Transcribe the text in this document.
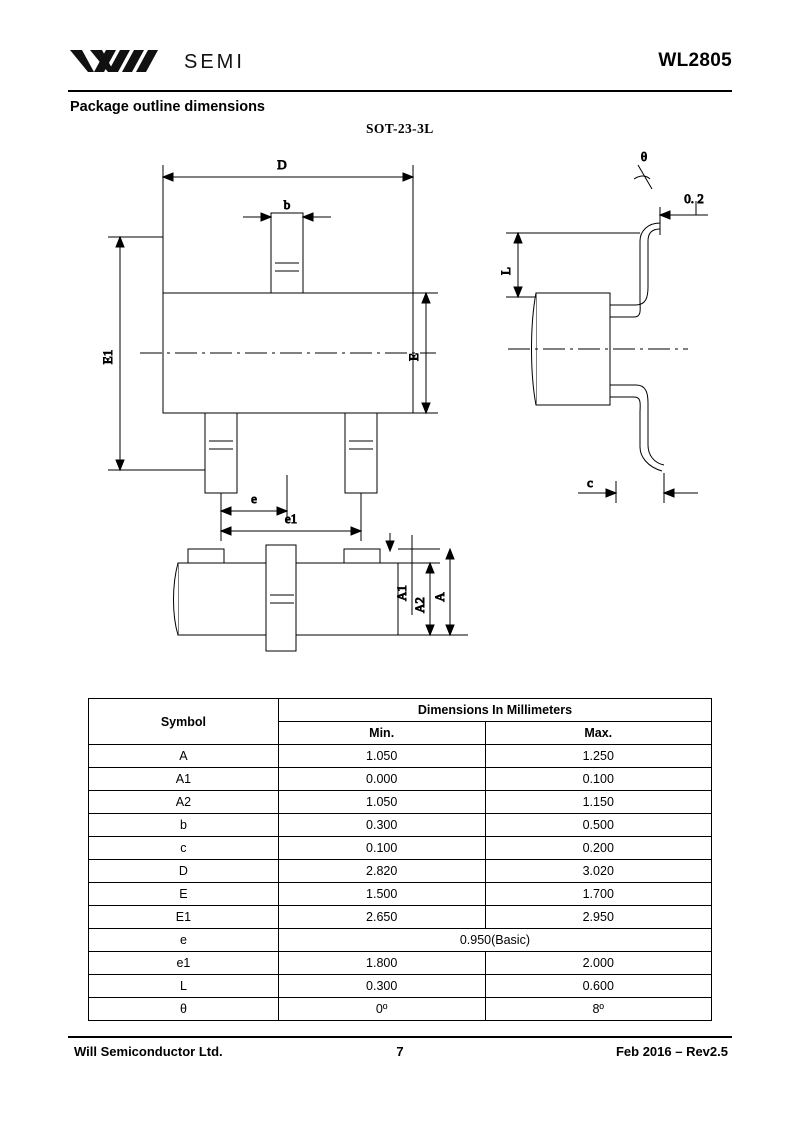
SEMI	WL2805
Package outline dimensions
SOT-23-3L
D
b
E1	E
e
e1
θ
0. 2
L
c
A1
A2
A
Symbol	Dimensions In Millimeters	
	Min.	Max.
A	1.050	1.250
A1	0.000	0.100
A2	1.050	1.150
b	0.300	0.500
c	0.100	0.200
D	2.820	3.020
E	1.500	1.700
E1	2.650	2.950
e	0.950(Basic)	
e1	1.800	2.000
L	0.300	0.600
θ	0º	8º
Will Semiconductor Ltd.	7	Feb 2016 – Rev2.5
